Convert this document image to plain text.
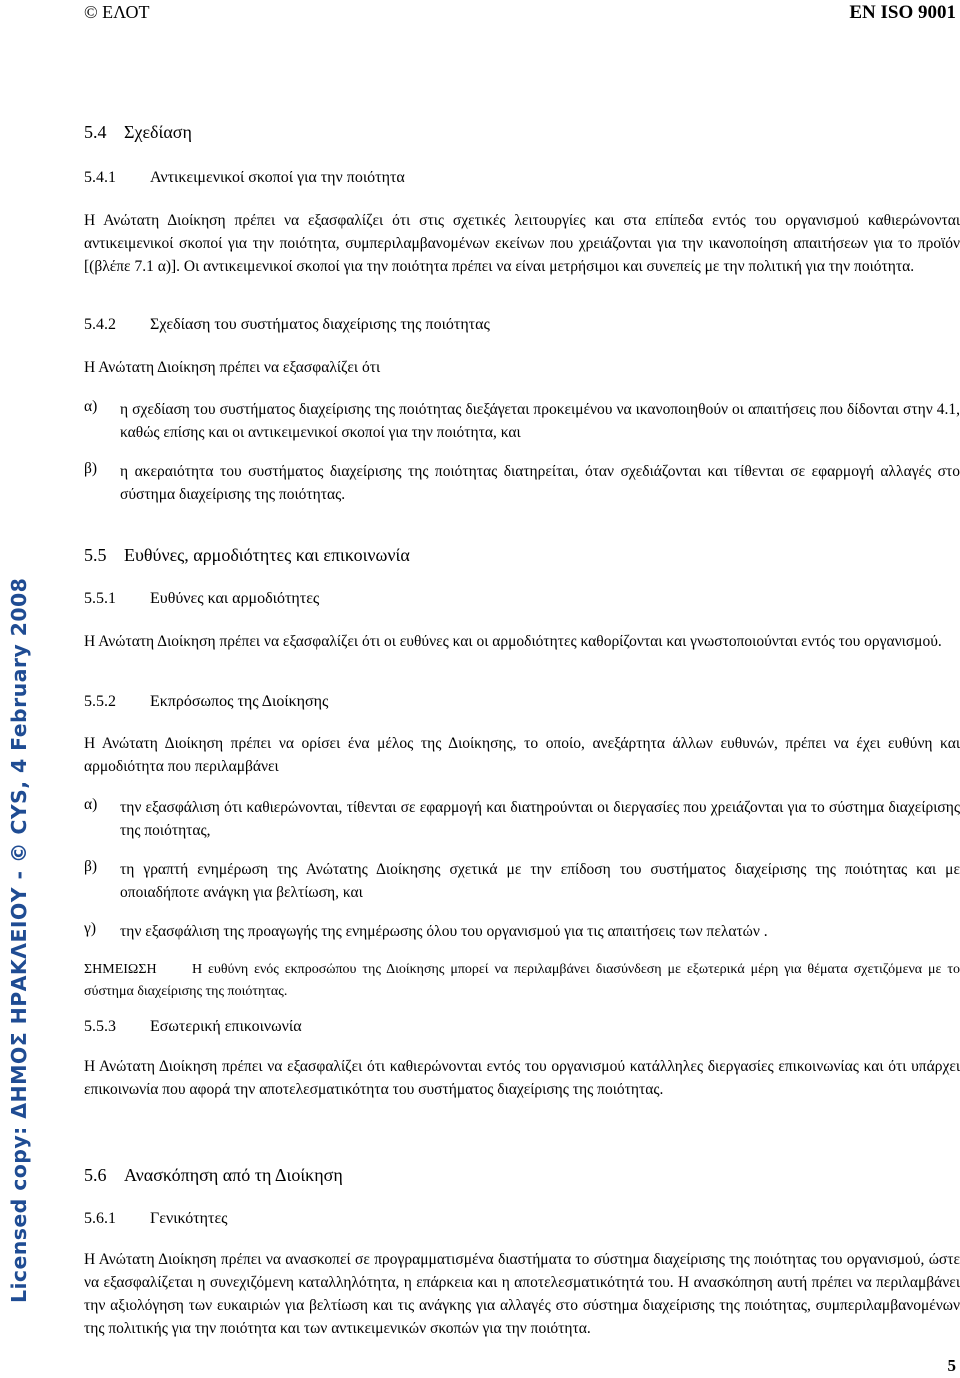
© ΕΛΟΤ	EN ISO 9001
Licensed copy: ΔΗΜΟΣ ΗΡΑΚΛΕΙΟΥ - © CYS, 4 February 2008
5.4 Σχεδίαση
5.4.1 Αντικειμενικοί σκοποί για την ποιότητα
Η Ανώτατη Διοίκηση πρέπει να εξασφαλίζει ότι στις σχετικές λειτουργίες και στα επίπεδα εντός του οργανισμού καθιερώνονται αντικειμενικοί σκοποί για την ποιότητα, συμπεριλαμβανομένων εκείνων που χρειάζονται για την ικανοποίηση απαιτήσεων για το προϊόν [(βλέπε 7.1 α)]. Οι αντικειμενικοί σκοποί για την ποιότητα πρέπει να είναι μετρήσιμοι και συνεπείς με την πολιτική για την ποιότητα.
5.4.2 Σχεδίαση του συστήματος διαχείρισης της ποιότητας
Η Ανώτατη Διοίκηση πρέπει να εξασφαλίζει ότι
α) η σχεδίαση του συστήματος διαχείρισης της ποιότητας διεξάγεται προκειμένου να ικανοποιηθούν οι απαιτήσεις που δίδονται στην 4.1, καθώς επίσης και οι αντικειμενικοί σκοποί για την ποιότητα, και
β) η ακεραιότητα του συστήματος διαχείρισης της ποιότητας διατηρείται, όταν σχεδιάζονται και τίθενται σε εφαρμογή αλλαγές στο σύστημα διαχείρισης της ποιότητας.
5.5 Ευθύνες, αρμοδιότητες και επικοινωνία
5.5.1 Ευθύνες και αρμοδιότητες
Η Ανώτατη Διοίκηση πρέπει να εξασφαλίζει ότι οι ευθύνες και οι αρμοδιότητες καθορίζονται και γνωστοποιούνται εντός του οργανισμού.
5.5.2 Εκπρόσωπος της Διοίκησης
Η Ανώτατη Διοίκηση πρέπει να ορίσει ένα μέλος της Διοίκησης, το οποίο, ανεξάρτητα άλλων ευθυνών, πρέπει να έχει ευθύνη και αρμοδιότητα που περιλαμβάνει
α) την εξασφάλιση ότι καθιερώνονται, τίθενται σε εφαρμογή και διατηρούνται οι διεργασίες που χρειάζονται για το σύστημα διαχείρισης της ποιότητας,
β) τη γραπτή ενημέρωση της Ανώτατης Διοίκησης σχετικά με την επίδοση του συστήματος διαχείρισης της ποιότητας και με οποιαδήποτε ανάγκη για βελτίωση, και
γ) την εξασφάλιση της προαγωγής της ενημέρωσης όλου του οργανισμού για τις απαιτήσεις των πελατών .
ΣΗΜΕΙΩΣΗ	Η ευθύνη ενός εκπροσώπου της Διοίκησης μπορεί να περιλαμβάνει διασύνδεση με εξωτερικά μέρη για θέματα σχετιζόμενα με το σύστημα διαχείρισης της ποιότητας.
5.5.3 Εσωτερική επικοινωνία
Η Ανώτατη Διοίκηση πρέπει να εξασφαλίζει ότι καθιερώνονται εντός του οργανισμού κατάλληλες διεργασίες επικοινωνίας και ότι υπάρχει επικοινωνία που αφορά την αποτελεσματικότητα του συστήματος διαχείρισης της ποιότητας.
5.6 Ανασκόπηση από τη Διοίκηση
5.6.1 Γενικότητες
Η Ανώτατη Διοίκηση πρέπει να ανασκοπεί σε προγραμματισμένα διαστήματα το σύστημα διαχείρισης της ποιότητας του οργανισμού, ώστε να εξασφαλίζεται η συνεχιζόμενη καταλληλότητα, η επάρκεια και η αποτελεσματικότητά του. Η ανασκόπηση αυτή πρέπει να περιλαμβάνει την αξιολόγηση των ευκαιριών για βελτίωση και τις ανάγκης για αλλαγές στο σύστημα διαχείρισης της ποιότητας, συμπεριλαμβανομένων της πολιτικής για την ποιότητα και των αντικειμενικών σκοπών για την ποιότητα.
5
